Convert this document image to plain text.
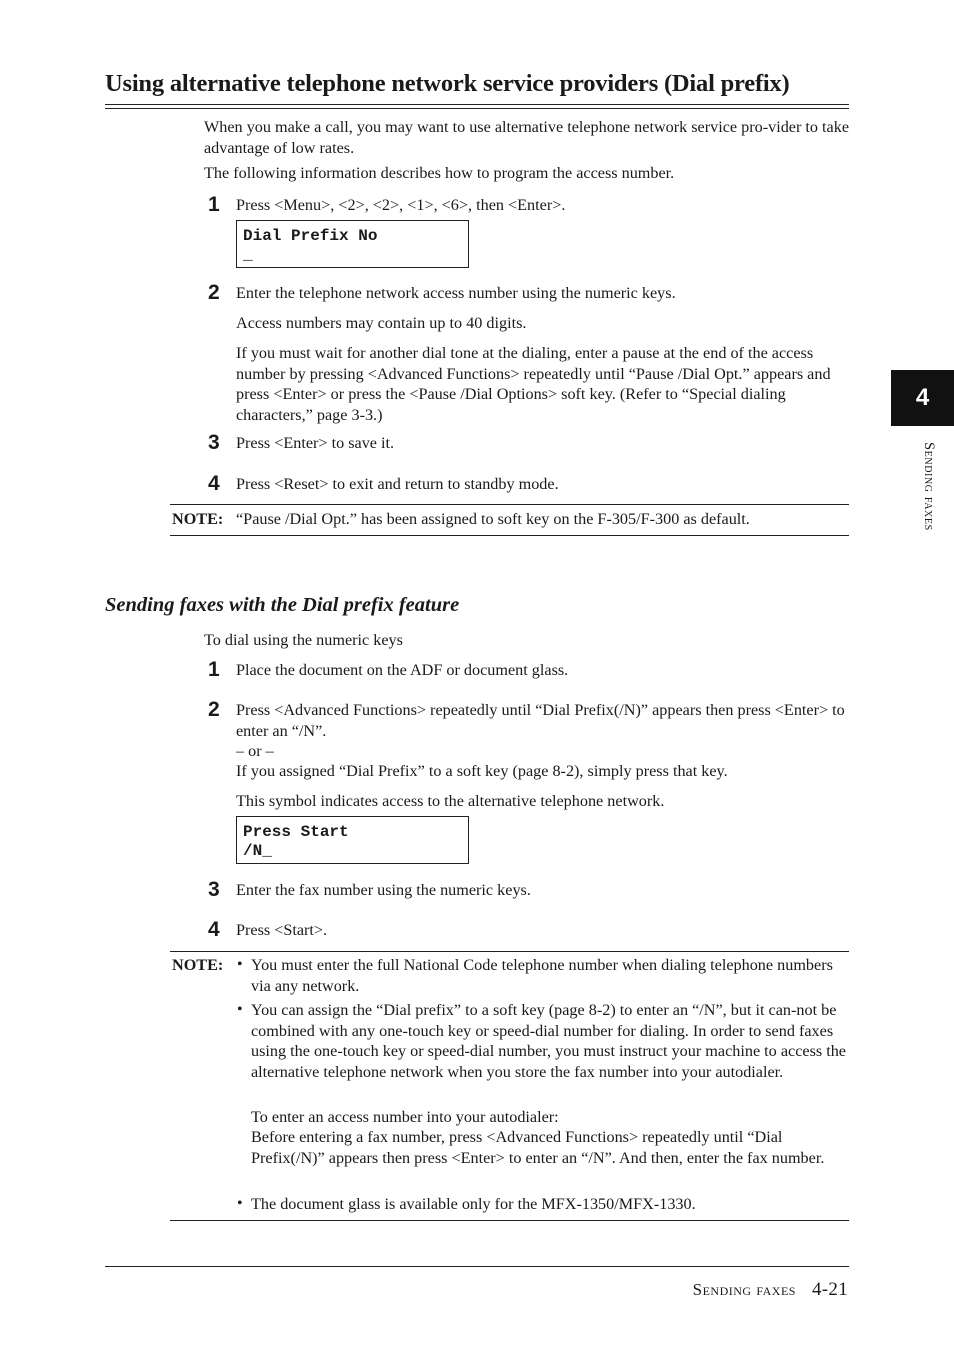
Using alternative telephone network service providers (Dial prefix)
When you make a call, you may want to use alternative telephone network service pro-vider to take advantage of low rates.
The following information describes how to program the access number.
1	Press <Menu>, <2>, <2>, <1>, <6>, then <Enter>.
Dial Prefix No
_
2	Enter the telephone network access number using the numeric keys.
Access numbers may contain up to 40 digits.
If you must wait for another dial tone at the dialing, enter a pause at the end of the access number by pressing <Advanced Functions> repeatedly until “Pause /Dial Opt.” appears and press <Enter> or press the <Pause /Dial Options> soft key. (Refer to “Special dialing characters,” page 3-3.)
3	Press <Enter> to save it.
4	Press <Reset> to exit and return to standby mode.
NOTE: “Pause /Dial Opt.” has been assigned to soft key on the F-305/F-300 as default.
Sending faxes with the Dial prefix feature
To dial using the numeric keys
1	Place the document on the ADF or document glass.
2	Press <Advanced Functions> repeatedly until “Dial Prefix(/N)” appears then press <Enter> to enter an “/N”.
– or –
If you assigned “Dial Prefix” to a soft key (page 8-2), simply press that key.
This symbol indicates access to the alternative telephone network.
Press Start
/N_
3	Enter the fax number using the numeric keys.
4	Press <Start>.
NOTE: • You must enter the full National Code telephone number when dialing telephone numbers via any network.
• You can assign the “Dial prefix” to a soft key (page 8-2) to enter an “/N”, but it can-not be combined with any one-touch key or speed-dial number for dialing. In order to send faxes using the one-touch key or speed-dial number, you must instruct your machine to access the alternative telephone network when you store the fax number into your autodialer.
To enter an access number into your autodialer:
Before entering a fax number, press <Advanced Functions> repeatedly until “Dial Prefix(/N)” appears then press <Enter> to enter an “/N”. And then, enter the fax number.
• The document glass is available only for the MFX-1350/MFX-1330.
4
Sending faxes
Sending faxes 4-21
